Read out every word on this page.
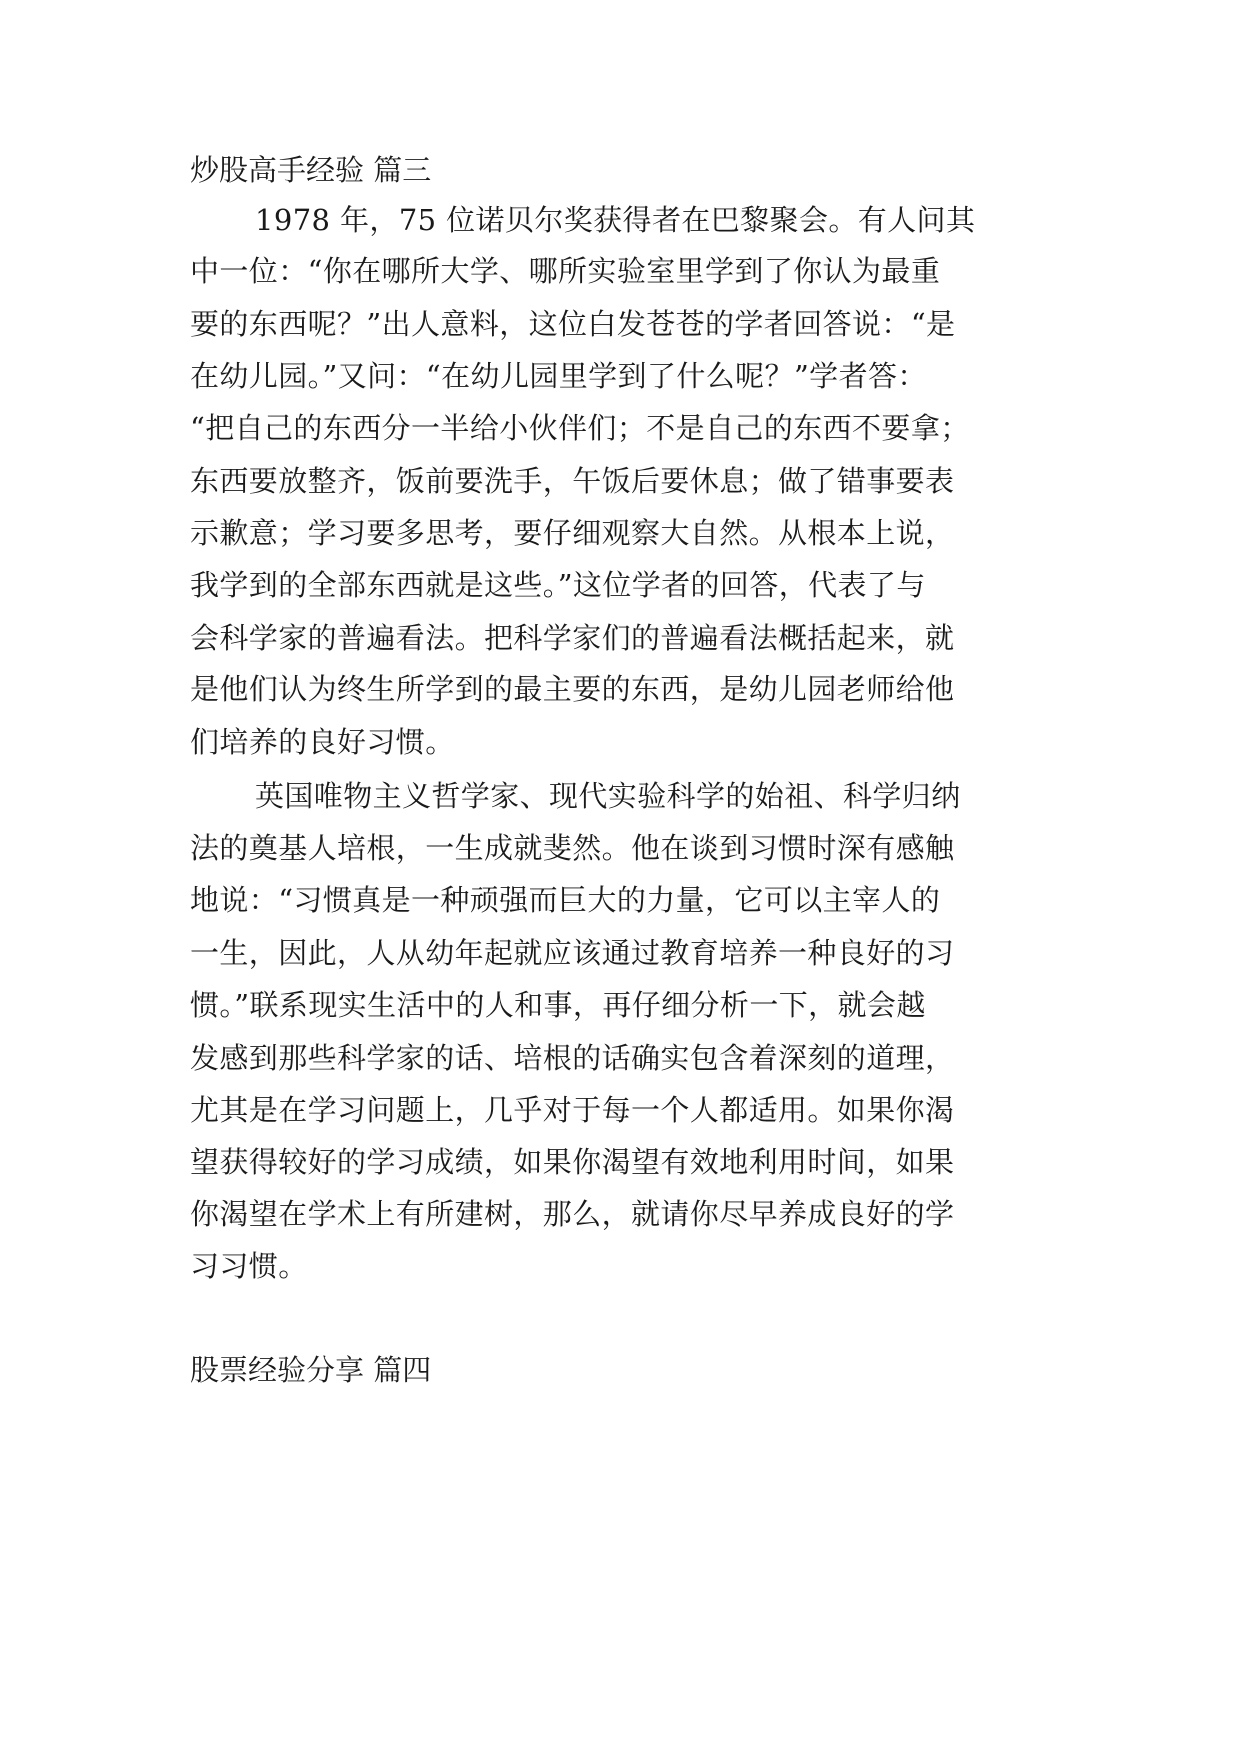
炒股高手经验 篇三
1978 年，75 位诺贝尔奖获得者在巴黎聚会。有人问其
中一位：“你在哪所大学、哪所实验室里学到了你认为最重
要的东西呢？”出人意料，这位白发苍苍的学者回答说：“是
在幼儿园。”又问：“在幼儿园里学到了什么呢？”学者答：
“把自己的东西分一半给小伙伴们；不是自己的东西不要拿；
东西要放整齐，饭前要洗手，午饭后要休息；做了错事要表
示歉意；学习要多思考，要仔细观察大自然。从根本上说，
我学到的全部东西就是这些。”这位学者的回答，代表了与
会科学家的普遍看法。把科学家们的普遍看法概括起来，就
是他们认为终生所学到的最主要的东西，是幼儿园老师给他
们培养的良好习惯。
英国唯物主义哲学家、现代实验科学的始祖、科学归纳
法的奠基人培根，一生成就斐然。他在谈到习惯时深有感触
地说：“习惯真是一种顽强而巨大的力量，它可以主宰人的
一生，因此，人从幼年起就应该通过教育培养一种良好的习
惯。”联系现实生活中的人和事，再仔细分析一下，就会越
发感到那些科学家的话、培根的话确实包含着深刻的道理，
尤其是在学习问题上，几乎对于每一个人都适用。如果你渴
望获得较好的学习成绩，如果你渴望有效地利用时间，如果
你渴望在学术上有所建树，那么，就请你尽早养成良好的学
习习惯。
股票经验分享 篇四
